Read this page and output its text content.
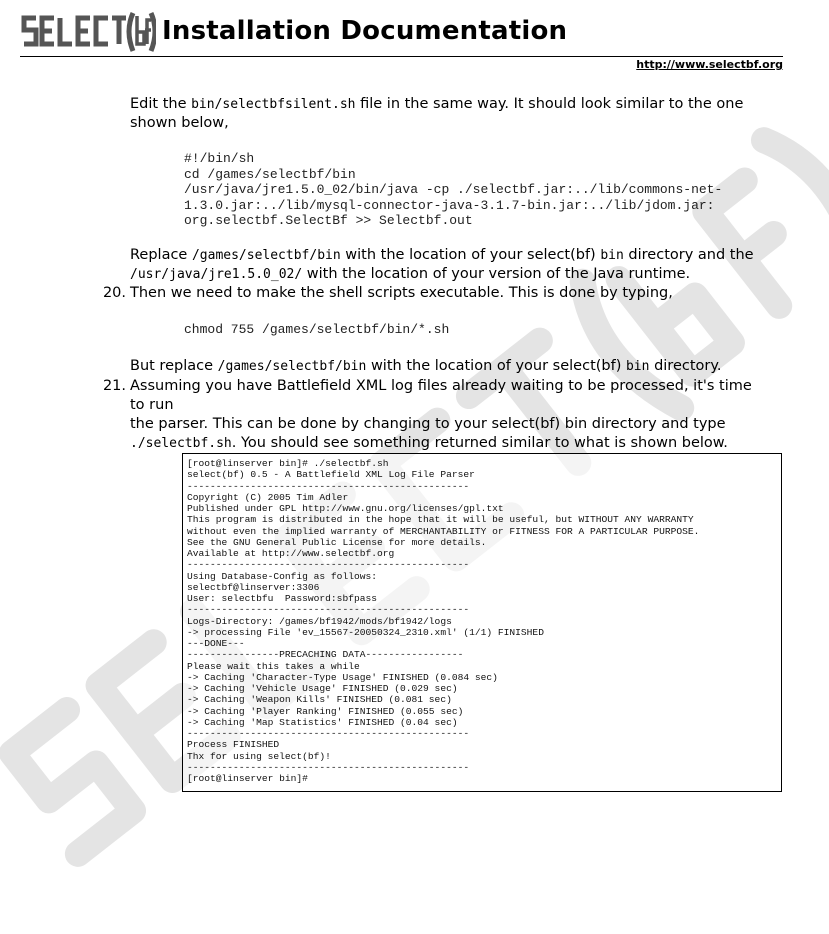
Installation Documentation
http://www.selectbf.org
Edit the bin/selectbfsilent.sh file in the same way. It should look similar to the one
shown below,
#!/bin/sh
cd /games/selectbf/bin
/usr/java/jre1.5.0_02/bin/java -cp ./selectbf.jar:../lib/commons-net-
1.3.0.jar:../lib/mysql-connector-java-3.1.7-bin.jar:../lib/jdom.jar:
org.selectbf.SelectBf >> Selectbf.out
Replace /games/selectbf/bin with the location of your select(bf) bin directory and the
/usr/java/jre1.5.0_02/ with the location of your version of the Java runtime.
20. Then we need to make the shell scripts executable. This is done by typing,
chmod 755 /games/selectbf/bin/*.sh
But replace /games/selectbf/bin with the location of your select(bf) bin directory.
21. Assuming you have Battlefield XML log files already waiting to be processed, it's time to run
the parser. This can be done by changing to your select(bf) bin directory and type
./selectbf.sh. You should see something returned similar to what is shown below.
[root@linserver bin]# ./selectbf.sh
select(bf) 0.5 - A Battlefield XML Log File Parser
-------------------------------------------------
Copyright (C) 2005 Tim Adler
Published under GPL http://www.gnu.org/licenses/gpl.txt
This program is distributed in the hope that it will be useful, but WITHOUT ANY WARRANTY
without even the implied warranty of MERCHANTABILITY or FITNESS FOR A PARTICULAR PURPOSE.
See the GNU General Public License for more details.
Available at http://www.selectbf.org
-------------------------------------------------
Using Database-Config as follows:
selectbf@linserver:3306
User: selectbfu  Password:sbfpass
-------------------------------------------------
Logs-Directory: /games/bf1942/mods/bf1942/logs
-> processing File 'ev_15567-20050324_2310.xml' (1/1) FINISHED
---DONE---
----------------PRECACHING DATA-----------------
Please wait this takes a while
-> Caching 'Character-Type Usage' FINISHED (0.084 sec)
-> Caching 'Vehicle Usage' FINISHED (0.029 sec)
-> Caching 'Weapon Kills' FINISHED (0.081 sec)
-> Caching 'Player Ranking' FINISHED (0.055 sec)
-> Caching 'Map Statistics' FINISHED (0.04 sec)
-------------------------------------------------
Process FINISHED
Thx for using select(bf)!
-------------------------------------------------
[root@linserver bin]#
